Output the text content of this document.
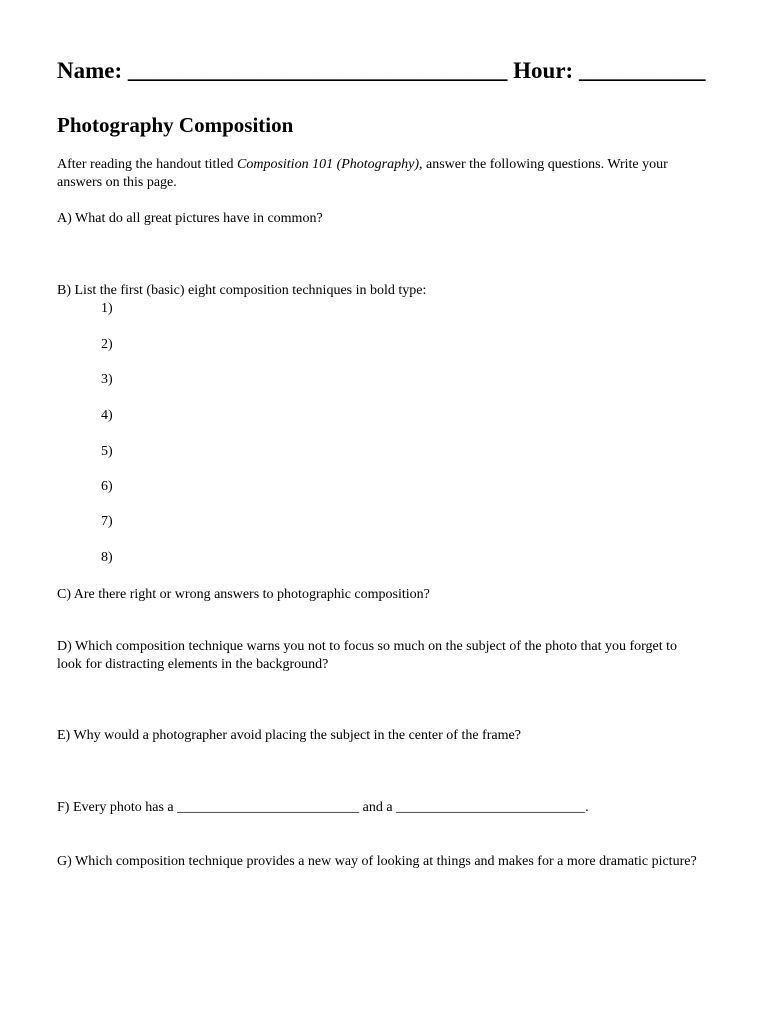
Name: _________________________________ Hour: ___________
Photography Composition
After reading the handout titled Composition 101 (Photography), answer the following questions. Write your answers on this page.
A) What do all great pictures have in common?
B) List the first (basic) eight composition techniques in bold type:
1)
2)
3)
4)
5)
6)
7)
8)
C) Are there right or wrong answers to photographic composition?
D) Which composition technique warns you not to focus so much on the subject of the photo that you forget to look for distracting elements in the background?
E) Why would a photographer avoid placing the subject in the center of the frame?
F) Every photo has a __________________________ and a ___________________________.
G) Which composition technique provides a new way of looking at things and makes for a more dramatic picture?
